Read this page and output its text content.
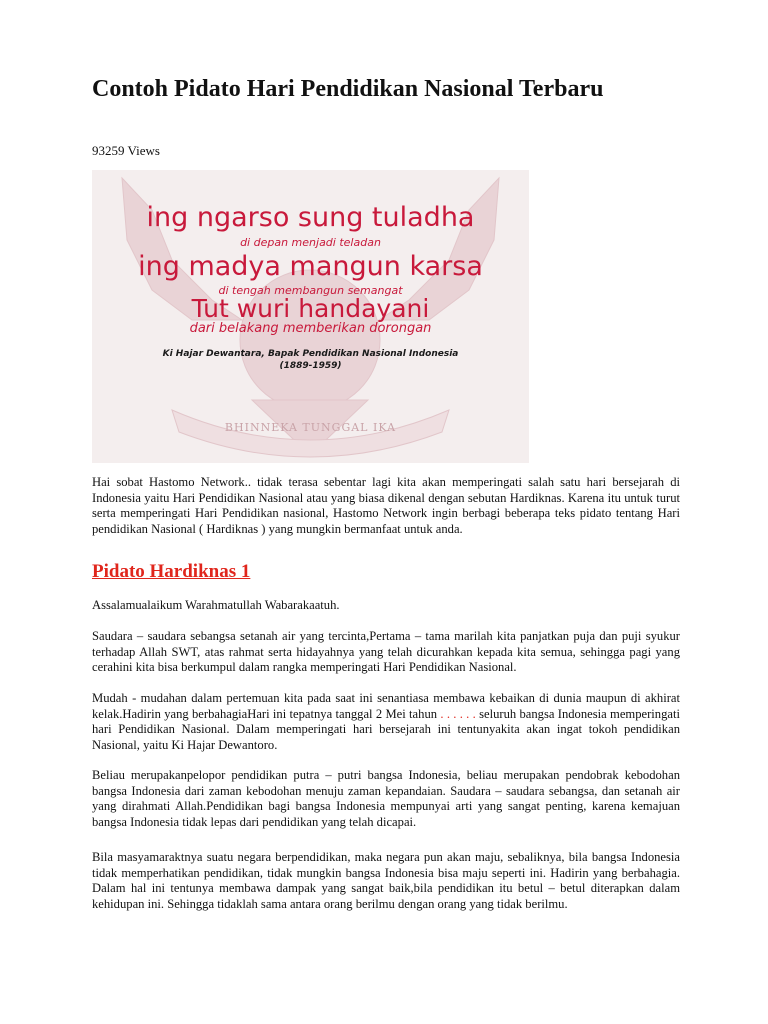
Contoh Pidato Hari Pendidikan Nasional Terbaru
93259 Views
ing ngarso sung tuladha
di depan menjadi teladan
ing madya mangun karsa
di tengah membangun semangat
Tut wuri handayani
dari belakang memberikan dorongan
Ki Hajar Dewantara, Bapak Pendidikan Nasional Indonesia
(1889-1959)
BHINNEKA TUNGGAL IKA

Hai sobat Hastomo Network.. tidak terasa sebentar lagi kita akan memperingati salah satu hari bersejarah di Indonesia yaitu Hari Pendidikan Nasional atau yang biasa dikenal dengan sebutan Hardiknas. Karena itu untuk turut serta memperingati Hari Pendidikan nasional, Hastomo Network ingin berbagi beberapa teks pidato tentang Hari pendidikan Nasional ( Hardiknas ) yang mungkin bermanfaat untuk anda.

Pidato Hardiknas 1

Assalamualaikum Warahmatullah Wabarakaatuh.

Saudara – saudara sebangsa setanah air yang tercinta,Pertama – tama marilah kita panjatkan puja dan puji syukur terhadap Allah SWT, atas rahmat serta hidayahnya yang telah dicurahkan kepada kita semua, sehingga pagi yang cerahini kita bisa berkumpul dalam rangka memperingati Hari Pendidikan Nasional.

Mudah - mudahan dalam pertemuan kita pada saat ini senantiasa membawa kebaikan di dunia maupun di akhirat kelak.Hadirin yang berbahagiaHari ini tepatnya tanggal 2 Mei tahun . . . . . . seluruh bangsa Indonesia memperingati hari Pendidikan Nasional. Dalam memperingati hari bersejarah ini tentunyakita akan ingat tokoh pendidikan Nasional, yaitu Ki Hajar Dewantoro.

Beliau merupakanpelopor pendidikan putra – putri bangsa Indonesia, beliau merupakan pendobrak kebodohan bangsa Indonesia dari zaman kebodohan menuju zaman kepandaian. Saudara – saudara sebangsa, dan setanah air yang dirahmati Allah.Pendidikan bagi bangsa Indonesia mempunyai arti yang sangat penting, karena kemajuan bangsa Indonesia tidak lepas dari pendidikan yang telah dicapai.

Bila masyamaraktnya suatu negara berpendidikan, maka negara pun akan maju, sebaliknya, bila bangsa Indonesia tidak memperhatikan pendidikan, tidak mungkin bangsa Indonesia bisa maju seperti ini. Hadirin yang berbahagia. Dalam hal ini tentunya membawa dampak yang sangat baik,bila pendidikan itu betul – betul diterapkan dalam kehidupan ini. Sehingga tidaklah sama antara orang berilmu dengan orang yang tidak berilmu.
